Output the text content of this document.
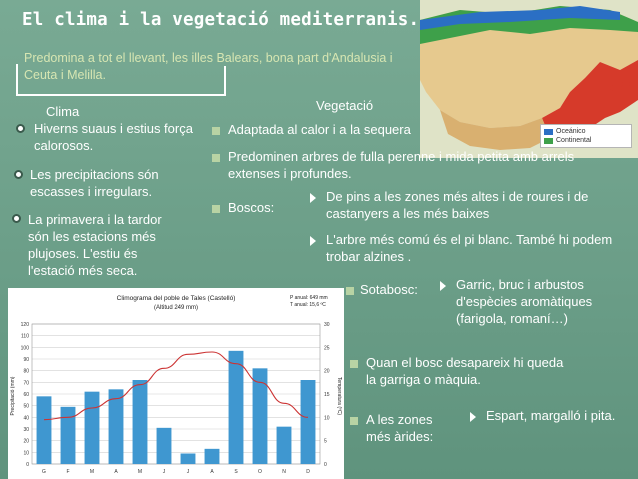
Oceánico
Continental
El clima i la vegetació mediterranis.
Predomina a tot el llevant, les illes Balears, bona part d'Andalusia i Ceuta i Melilla.
Clima	Vegetació
Hiverns suaus i estius força calorosos.
Les precipitacions són escasses i irregulars.
La primavera i la tardor són les estacions més plujoses. L'estiu és l'estació més seca.
Adaptada al calor i a la sequera
Predominen arbres de fulla perenne i mida petita amb arrels extenses i profundes.
Boscos:
De pins a les zones més altes i de roures i de castanyers a les més baixes
L'arbre més comú és el pi blanc. També hi podem trobar alzines .
Sotabosc:	Garric, bruc i arbustos d'espècies aromàtiques (farigola, romaní…)
Quan el bosc desapareix hi queda la garriga o màquia.
A les zones més àrides:
Espart, margalló i pita.
Climograma del poble de Tales (Castelló)
(Altitud 249 mm)
P anual: 649 mm
T anual: 15,6 ºC
Precipitació (mm)	Temperatura (ºC)
0
10
20
30
40
50
60
70
80
90
100
110
120
0
5
10
15
20
25
30
G	F	M	A	M	J	J	A	S	O	N	D
